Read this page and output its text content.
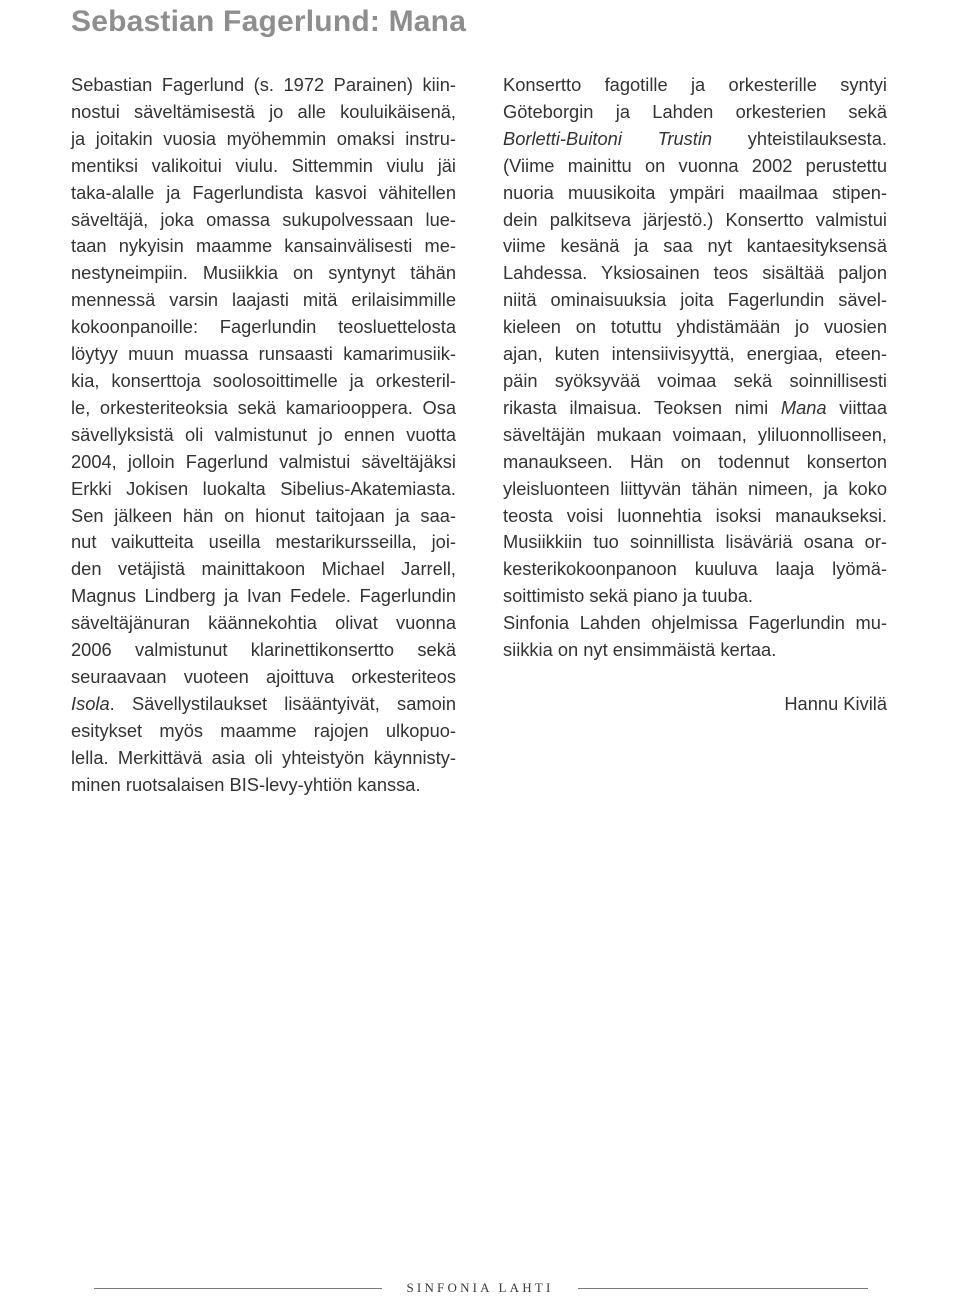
Sebastian Fagerlund: Mana
Sebastian Fagerlund (s. 1972 Parainen) kiin-
nostui säveltämisestä jo alle kouluikäisenä,
ja joitakin vuosia myöhemmin omaksi instru-
mentiksi valikoitui viulu. Sittemmin viulu jäi
taka-alalle ja Fagerlundista kasvoi vähitellen
säveltäjä, joka omassa sukupolvessaan lue-
taan nykyisin maamme kansainvälisesti me-
nestyneimpiin. Musiikkia on syntynyt tähän
mennessä varsin laajasti mitä erilaisimmille
kokoonpanoille: Fagerlundin teosluettelosta
löytyy muun muassa runsaasti kamarimusiik-
kia, konserttoja soolosoittimelle ja orkesteril-
le, orkesteriteoksia sekä kamariooppera. Osa
sävellyksistä oli valmistunut jo ennen vuotta
2004, jolloin Fagerlund valmistui säveltäjäksi
Erkki Jokisen luokalta Sibelius-Akatemiasta.
Sen jälkeen hän on hionut taitojaan ja saa-
nut vaikutteita useilla mestarikursseilla, joi-
den vetäjistä mainittakoon Michael Jarrell,
Magnus Lindberg ja Ivan Fedele. Fagerlundin
säveltäjänuran käännekohtia olivat vuonna
2006 valmistunut klarinettikonsertto sekä
seuraavaan vuoteen ajoittuva orkesteriteos
Isola. Sävellystilaukset lisääntyivät, samoin
esitykset myös maamme rajojen ulkopuo-
lella. Merkittävä asia oli yhteistyön käynnisty-
minen ruotsalaisen BIS-levy-yhtiön kanssa.
Konsertto fagotille ja orkesterille syntyi
Göteborgin ja Lahden orkesterien sekä
Borletti-Buitoni Trustin yhteistilauksesta.
(Viime mainittu on vuonna 2002 perustettu
nuoria muusikoita ympäri maailmaa stipen-
dein palkitseva järjestö.) Konsertto valmistui
viime kesänä ja saa nyt kantaesityksensä
Lahdessa. Yksiosainen teos sisältää paljon
niitä ominaisuuksia joita Fagerlundin sävel-
kieleen on totuttu yhdistämään jo vuosien
ajan, kuten intensiivisyyttä, energiaa, eteen-
päin syöksyvää voimaa sekä soinnillisesti
rikasta ilmaisua. Teoksen nimi Mana viittaa
säveltäjän mukaan voimaan, yliluonnolliseen,
manaukseen. Hän on todennut konserton
yleisluonteen liittyvän tähän nimeen, ja koko
teosta voisi luonnehtia isoksi manaukseksi.
Musiikkiin tuo soinnillista lisäväriä osana or-
kesterikokoonpanoon kuuluva laaja lyömä-
soittimisto sekä piano ja tuuba.
Sinfonia Lahden ohjelmissa Fagerlundin mu-
siikkia on nyt ensimmäistä kertaa.
Hannu Kivilä
SINFONIA LAHTI
